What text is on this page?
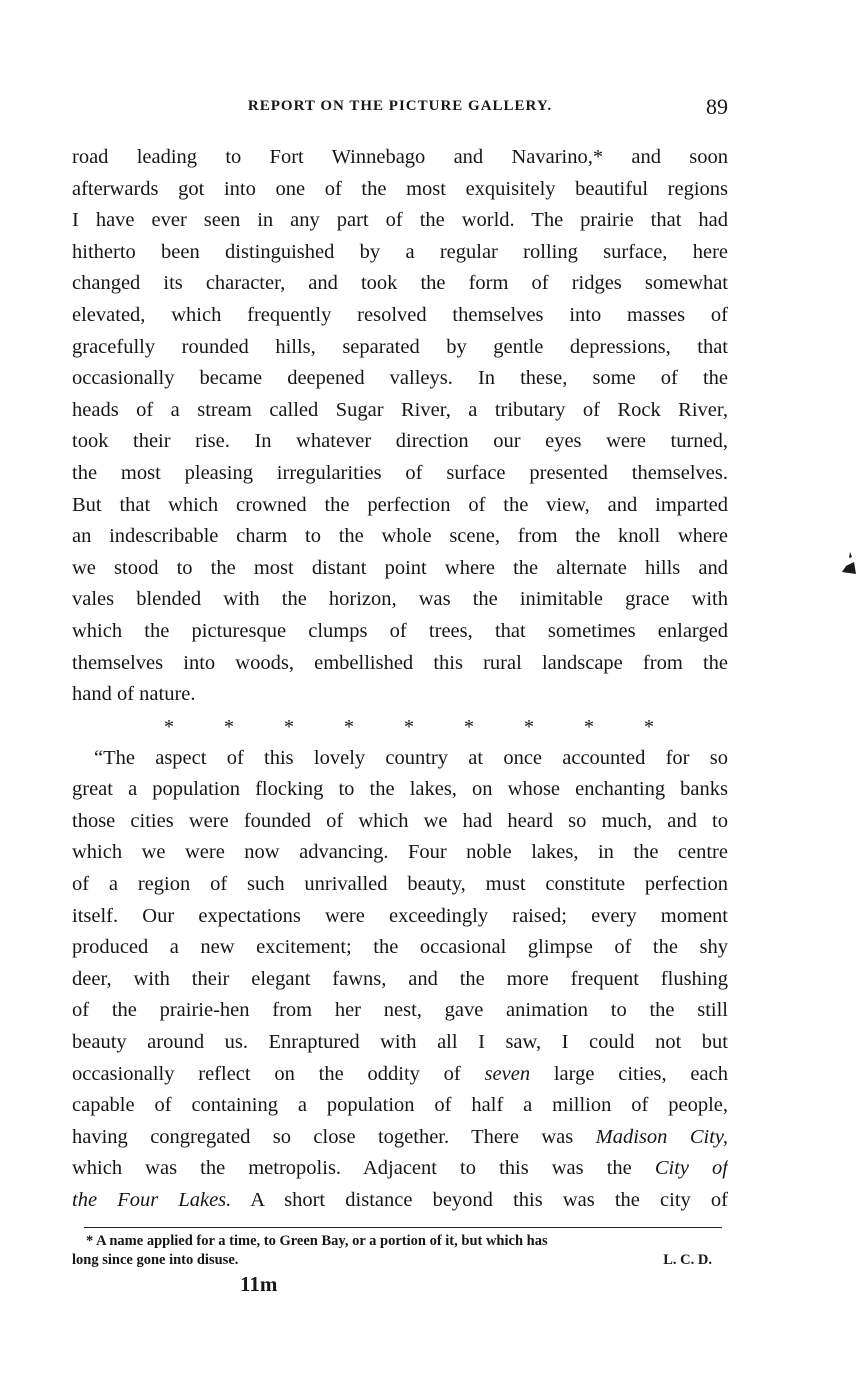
REPORT ON THE PICTURE GALLERY.	89
road leading to Fort Winnebago and Navarino,* and soon
afterwards got into one of the most exquisitely beautiful regions
I have ever seen in any part of the world. The prairie that had
hitherto been distinguished by a regular rolling surface, here
changed its character, and took the form of ridges somewhat
elevated, which frequently resolved themselves into masses of
gracefully rounded hills, separated by gentle depressions, that
occasionally became deepened valleys. In these, some of the
heads of a stream called Sugar River, a tributary of Rock River,
took their rise. In whatever direction our eyes were turned,
the most pleasing irregularities of surface presented themselves.
But that which crowned the perfection of the view, and imparted
an indescribable charm to the whole scene, from the knoll where
we stood to the most distant point where the alternate hills and
vales blended with the horizon, was the inimitable grace with
which the picturesque clumps of trees, that sometimes enlarged
themselves into woods, embellished this rural landscape from the
hand of nature.
*	*	*	*	*	*	*	*	*
“The aspect of this lovely country at once accounted for so
great a population flocking to the lakes, on whose enchanting banks
those cities were founded of which we had heard so much, and to
which we were now advancing. Four noble lakes, in the centre
of a region of such unrivalled beauty, must constitute perfection
itself. Our expectations were exceedingly raised; every moment
produced a new excitement; the occasional glimpse of the shy
deer, with their elegant fawns, and the more frequent flushing
of the prairie-hen from her nest, gave animation to the still
beauty around us. Enraptured with all I saw, I could not but
occasionally reflect on the oddity of seven large cities, each
capable of containing a population of half a million of people,
having congregated so close together. There was Madison City,
which was the metropolis. Adjacent to this was the City of
the Four Lakes. A short distance beyond this was the city of
* A name applied for a time, to Green Bay, or a portion of it, but which has
long since gone into disuse.	L. C. D.
11m
